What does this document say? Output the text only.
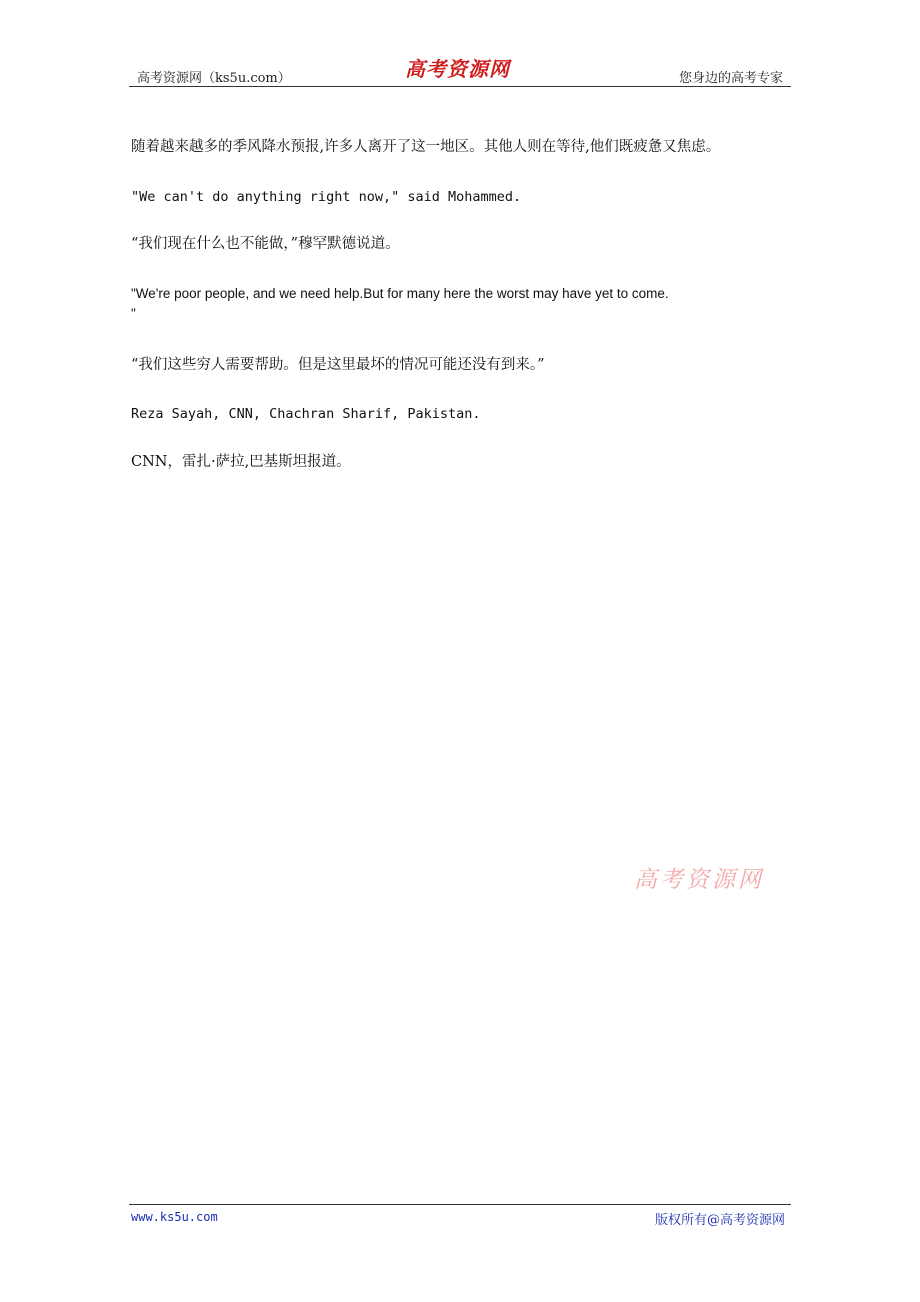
高考资源网（ks5u.com）	高考资源网	您身边的高考专家

随着越来越多的季风降水预报,许多人离开了这一地区。其他人则在等待,他们既疲惫又焦虑。

"We can't do anything right now," said Mohammed.

“我们现在什么也不能做，”穆罕默德说道。

"We're poor people, and we need help.But for many here the worst may have yet to come.
"

“我们这些穷人需要帮助。但是这里最坏的情况可能还没有到来。”

Reza Sayah, CNN, Chachran Sharif, Pakistan.

CNN，雷扎·萨拉,巴基斯坦报道。

高考资源网
www.ks5u.com	版权所有@高考资源网
